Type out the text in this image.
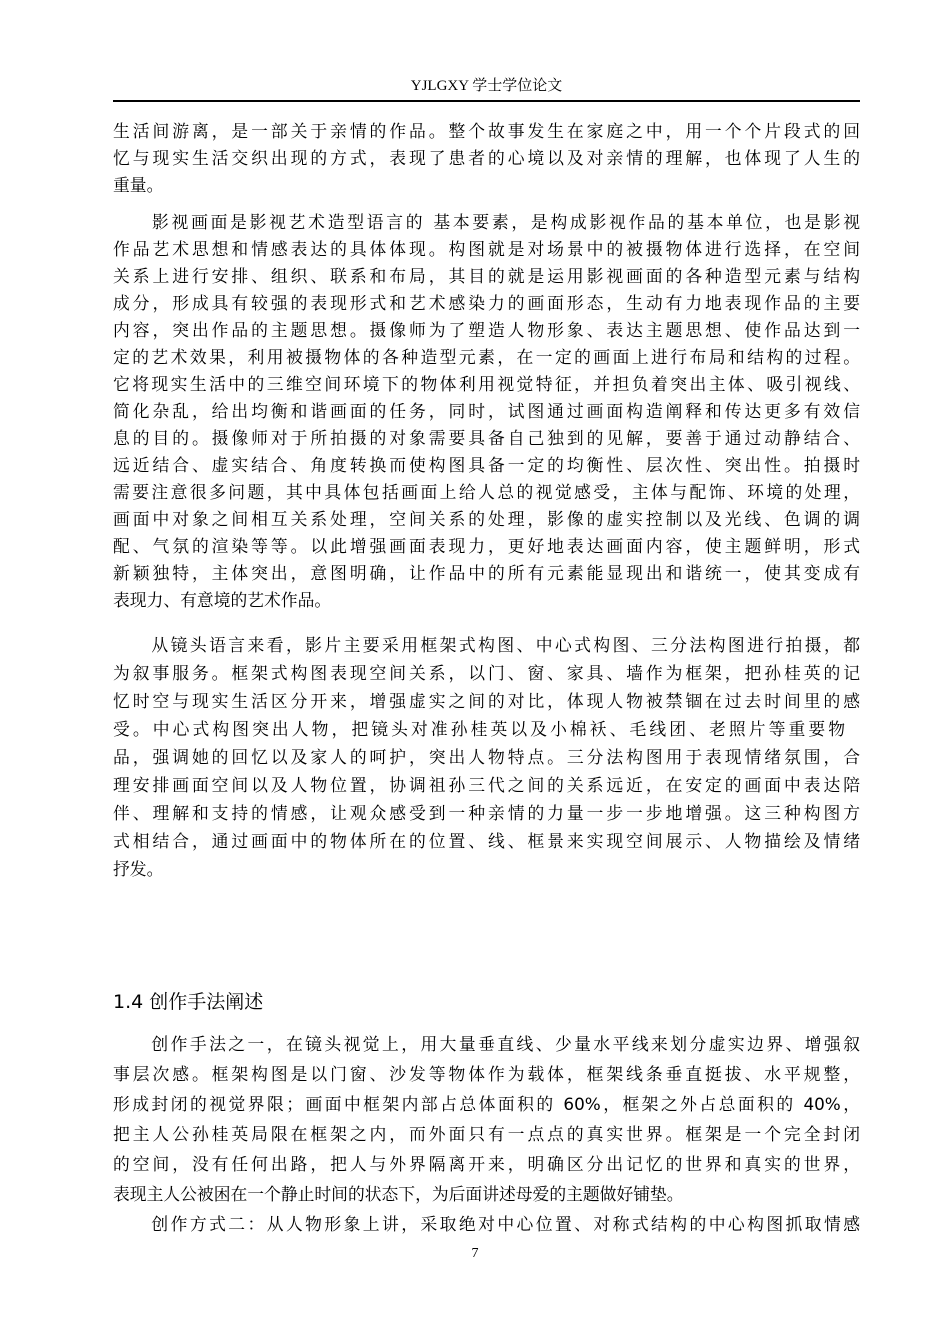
YJLGXY 学士学位论文
生活间游离，是一部关于亲情的作品。整个故事发生在家庭之中，用一个个片段式的回
忆与现实生活交织出现的方式，表现了患者的心境以及对亲情的理解，也体现了人生的
重量。
　　影视画面是影视艺术造型语言的 基本要素，是构成影视作品的基本单位，也是影视
作品艺术思想和情感表达的具体体现。构图就是对场景中的被摄物体进行选择，在空间
关系上进行安排、组织、联系和布局，其目的就是运用影视画面的各种造型元素与结构
成分，形成具有较强的表现形式和艺术感染力的画面形态，生动有力地表现作品的主要
内容，突出作品的主题思想。摄像师为了塑造人物形象、表达主题思想、使作品达到一
定的艺术效果，利用被摄物体的各种造型元素，在一定的画面上进行布局和结构的过程。
它将现实生活中的三维空间环境下的物体利用视觉特征，并担负着突出主体、吸引视线、
简化杂乱，给出均衡和谐画面的任务，同时，试图通过画面构造阐释和传达更多有效信
息的目的。摄像师对于所拍摄的对象需要具备自己独到的见解，要善于通过动静结合、
远近结合、虚实结合、角度转换而使构图具备一定的均衡性、层次性、突出性。拍摄时
需要注意很多问题，其中具体包括画面上给人总的视觉感受，主体与配饰、环境的处理，
画面中对象之间相互关系处理，空间关系的处理，影像的虚实控制以及光线、色调的调
配、气氛的渲染等等。以此增强画面表现力，更好地表达画面内容，使主题鲜明，形式
新颖独特，主体突出，意图明确，让作品中的所有元素能显现出和谐统一，使其变成有
表现力、有意境的艺术作品。
　　从镜头语言来看，影片主要采用框架式构图、中心式构图、三分法构图进行拍摄，都
为叙事服务。框架式构图表现空间关系，以门、窗、家具、墙作为框架，把孙桂英的记
忆时空与现实生活区分开来，增强虚实之间的对比，体现人物被禁锢在过去时间里的感
受。中心式构图突出人物，把镜头对准孙桂英以及小棉袄、毛线团、老照片等重要物
品，强调她的回忆以及家人的呵护，突出人物特点。三分法构图用于表现情绪氛围，合
理安排画面空间以及人物位置，协调祖孙三代之间的关系远近，在安定的画面中表达陪
伴、理解和支持的情感，让观众感受到一种亲情的力量一步一步地增强。这三种构图方
式相结合，通过画面中的物体所在的位置、线、框景来实现空间展示、人物描绘及情绪
抒发。
1.4 创作手法阐述
　　创作手法之一，在镜头视觉上，用大量垂直线、少量水平线来划分虚实边界、增强叙
事层次感。框架构图是以门窗、沙发等物体作为载体，框架线条垂直挺拔、水平规整，
形成封闭的视觉界限；画面中框架内部占总体面积的 60%，框架之外占总面积的 40%，
把主人公孙桂英局限在框架之内，而外面只有一点点的真实世界。框架是一个完全封闭
的空间，没有任何出路，把人与外界隔离开来，明确区分出记忆的世界和真实的世界，
表现主人公被困在一个静止时间的状态下，为后面讲述母爱的主题做好铺垫。
　　创作方式二：从人物形象上讲，采取绝对中心位置、对称式结构的中心构图抓取情感
7
